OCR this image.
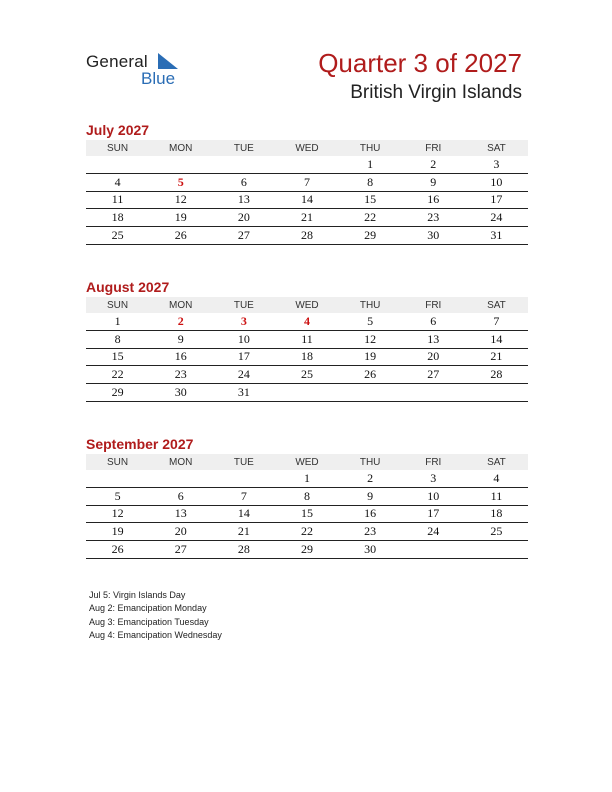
General
Blue
Quarter 3 of 2027
British Virgin Islands
July 2027
SUN	MON	TUE	WED	THU	FRI	SAT
				1	2	3
4	5	6	7	8	9	10
11	12	13	14	15	16	17
18	19	20	21	22	23	24
25	26	27	28	29	30	31
August 2027
SUN	MON	TUE	WED	THU	FRI	SAT
1	2	3	4	5	6	7
8	9	10	11	12	13	14
15	16	17	18	19	20	21
22	23	24	25	26	27	28
29	30	31				
September 2027
SUN	MON	TUE	WED	THU	FRI	SAT
			1	2	3	4
5	6	7	8	9	10	11
12	13	14	15	16	17	18
19	20	21	22	23	24	25
26	27	28	29	30		
Jul 5: Virgin Islands Day
Aug 2: Emancipation Monday
Aug 3: Emancipation Tuesday
Aug 4: Emancipation Wednesday
